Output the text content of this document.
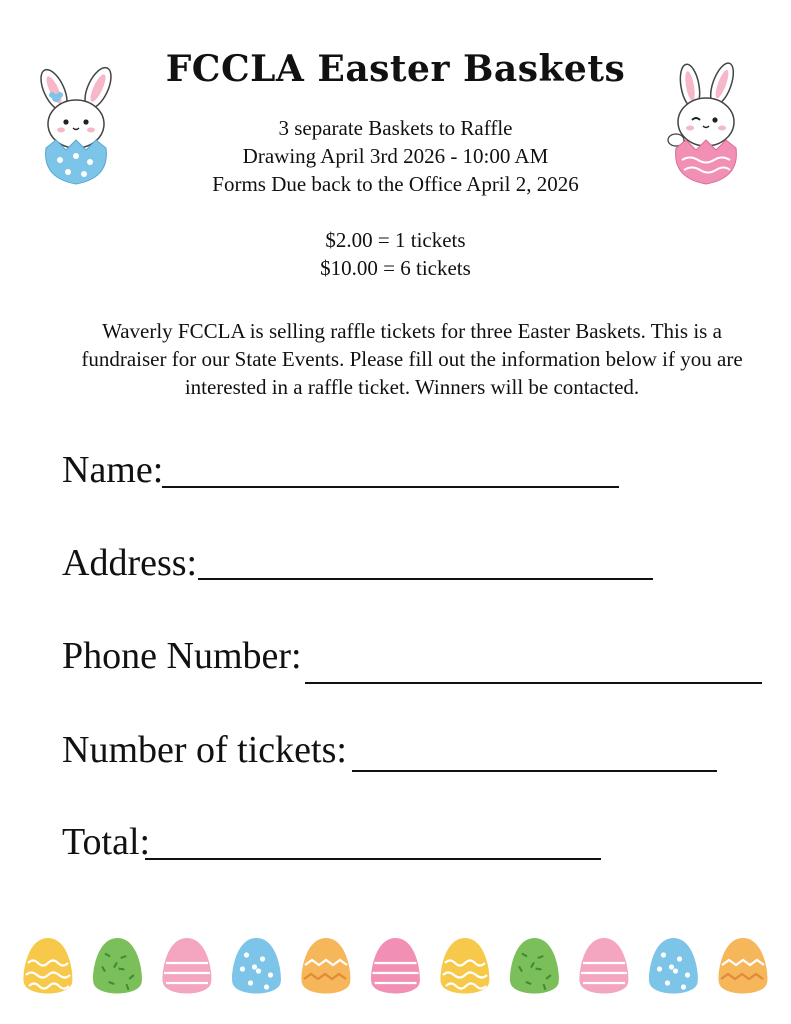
FCCLA Easter Baskets
3 separate Baskets to Raffle
Drawing April 3rd 2026 - 10:00 AM
Forms Due back to the Office April 2, 2026
$2.00 = 1 tickets
$10.00 = 6 tickets
Waverly FCCLA is selling raffle tickets for three Easter Baskets. This is a fundraiser for our State Events. Please fill out the information below if you are interested in a raffle ticket. Winners will be contacted.
Name:
Address:
Phone Number:
Number of tickets:
Total:
